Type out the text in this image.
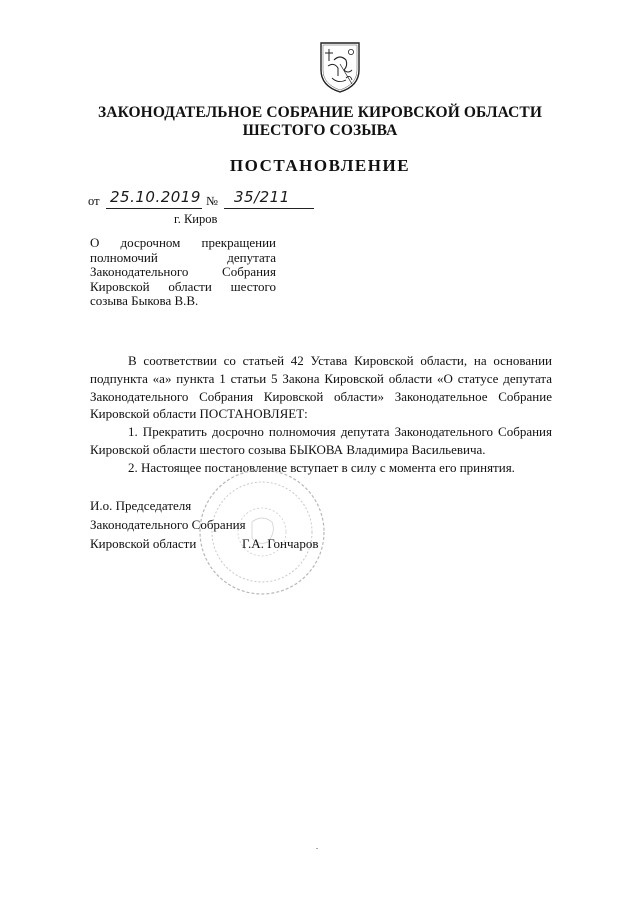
ЗАКОНОДАТЕЛЬНОЕ СОБРАНИЕ КИРОВСКОЙ ОБЛАСТИ
ШЕСТОГО СОЗЫВА
ПОСТАНОВЛЕНИЕ
от 25.10.2019 № 35/211
г. Киров
О досрочном прекращении полномочий депутата Законодательного Собрания Кировской области шестого созыва Быкова В.В.

В соответствии со статьей 42 Устава Кировской области, на основании подпункта «а» пункта 1 статьи 5 Закона Кировской области «О статусе депутата Законодательного Собрания Кировской области» Законодательное Собрание Кировской области ПОСТАНОВЛЯЕТ:

1. Прекратить досрочно полномочия депутата Законодательного Собрания Кировской области шестого созыва БЫКОВА Владимира Васильевича.

2. Настоящее постановление вступает в силу с момента его принятия.

И.о. Председателя
Законодательного Собрания
Кировской области	Г.А. Гончаров
